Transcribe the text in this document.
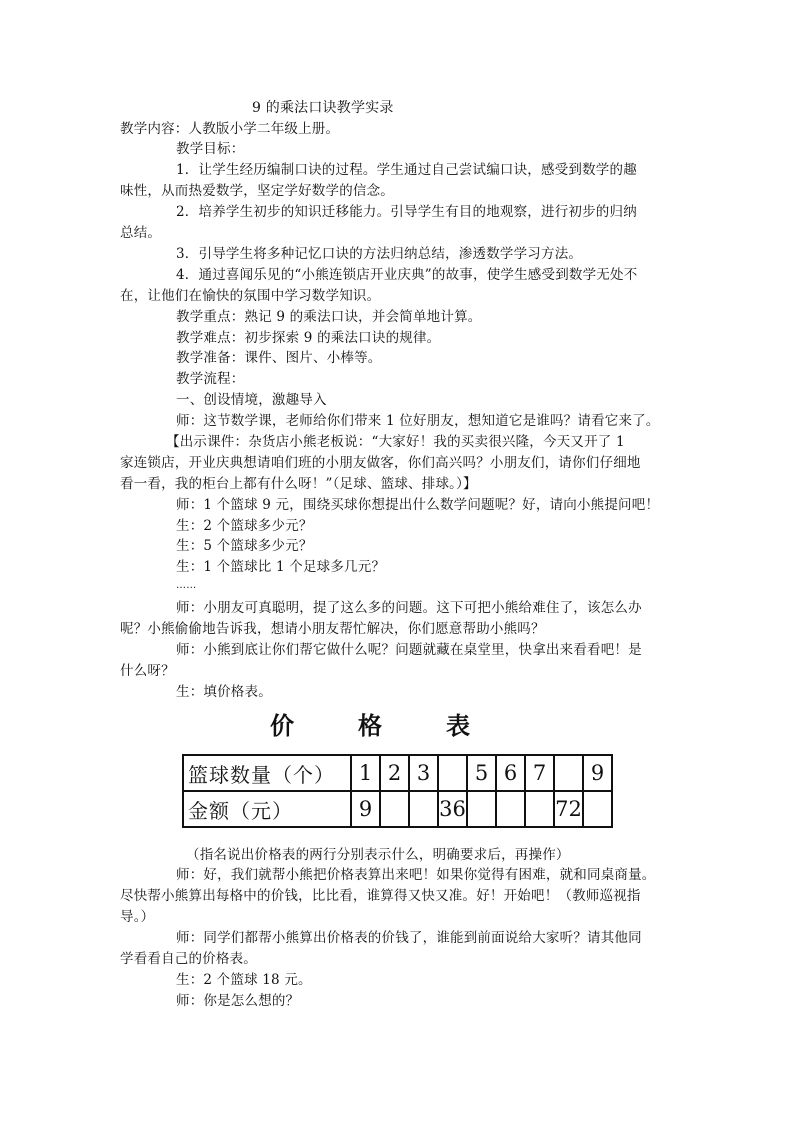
9 的乘法口诀教学实录
教学内容：人教版小学二年级上册。
教学目标：
1．让学生经历编制口诀的过程。学生通过自己尝试编口诀，感受到数学的趣
味性，从而热爱数学，坚定学好数学的信念。
2．培养学生初步的知识迁移能力。引导学生有目的地观察，进行初步的归纳
总结。
3．引导学生将多种记忆口诀的方法归纳总结，渗透数学学习方法。
4．通过喜闻乐见的“小熊连锁店开业庆典”的故事，使学生感受到数学无处不
在，让他们在愉快的氛围中学习数学知识。
教学重点：熟记 9 的乘法口诀，并会简单地计算。
教学难点：初步探索 9 的乘法口诀的规律。
教学准备：课件、图片、小棒等。
教学流程：
一、创设情境，激趣导入
师：这节数学课，老师给你们带来 1 位好朋友，想知道它是谁吗？请看它来了。
【出示课件：杂货店小熊老板说：“大家好！我的买卖很兴隆，今天又开了 1
家连锁店，开业庆典想请咱们班的小朋友做客，你们高兴吗？小朋友们，请你们仔细地
看一看，我的柜台上都有什么呀！”（足球、篮球、排球。）】
师：1 个篮球 9 元，围绕买球你想提出什么数学问题呢？好，请向小熊提问吧！
生：2 个篮球多少元？
生：5 个篮球多少元？
生：1 个篮球比 1 个足球多几元？
……
师：小朋友可真聪明，提了这么多的问题。这下可把小熊给难住了，该怎么办
呢？小熊偷偷地告诉我，想请小朋友帮忙解决，你们愿意帮助小熊吗？
师：小熊到底让你们帮它做什么呢？问题就藏在桌堂里，快拿出来看看吧！是
什么呀？
生：填价格表。
价　格　表
篮球数量（个）	1	2	3		5	6	7		9
金额（元）	9			36				72	
（指名说出价格表的两行分别表示什么，明确要求后，再操作）
师：好，我们就帮小熊把价格表算出来吧！如果你觉得有困难，就和同桌商量。
尽快帮小熊算出每格中的价钱，比比看，谁算得又快又准。好！开始吧！（教师巡视指
导。）
师：同学们都帮小熊算出价格表的价钱了，谁能到前面说给大家听？请其他同
学看看自己的价格表。
生：2 个篮球 18 元。
师：你是怎么想的？
